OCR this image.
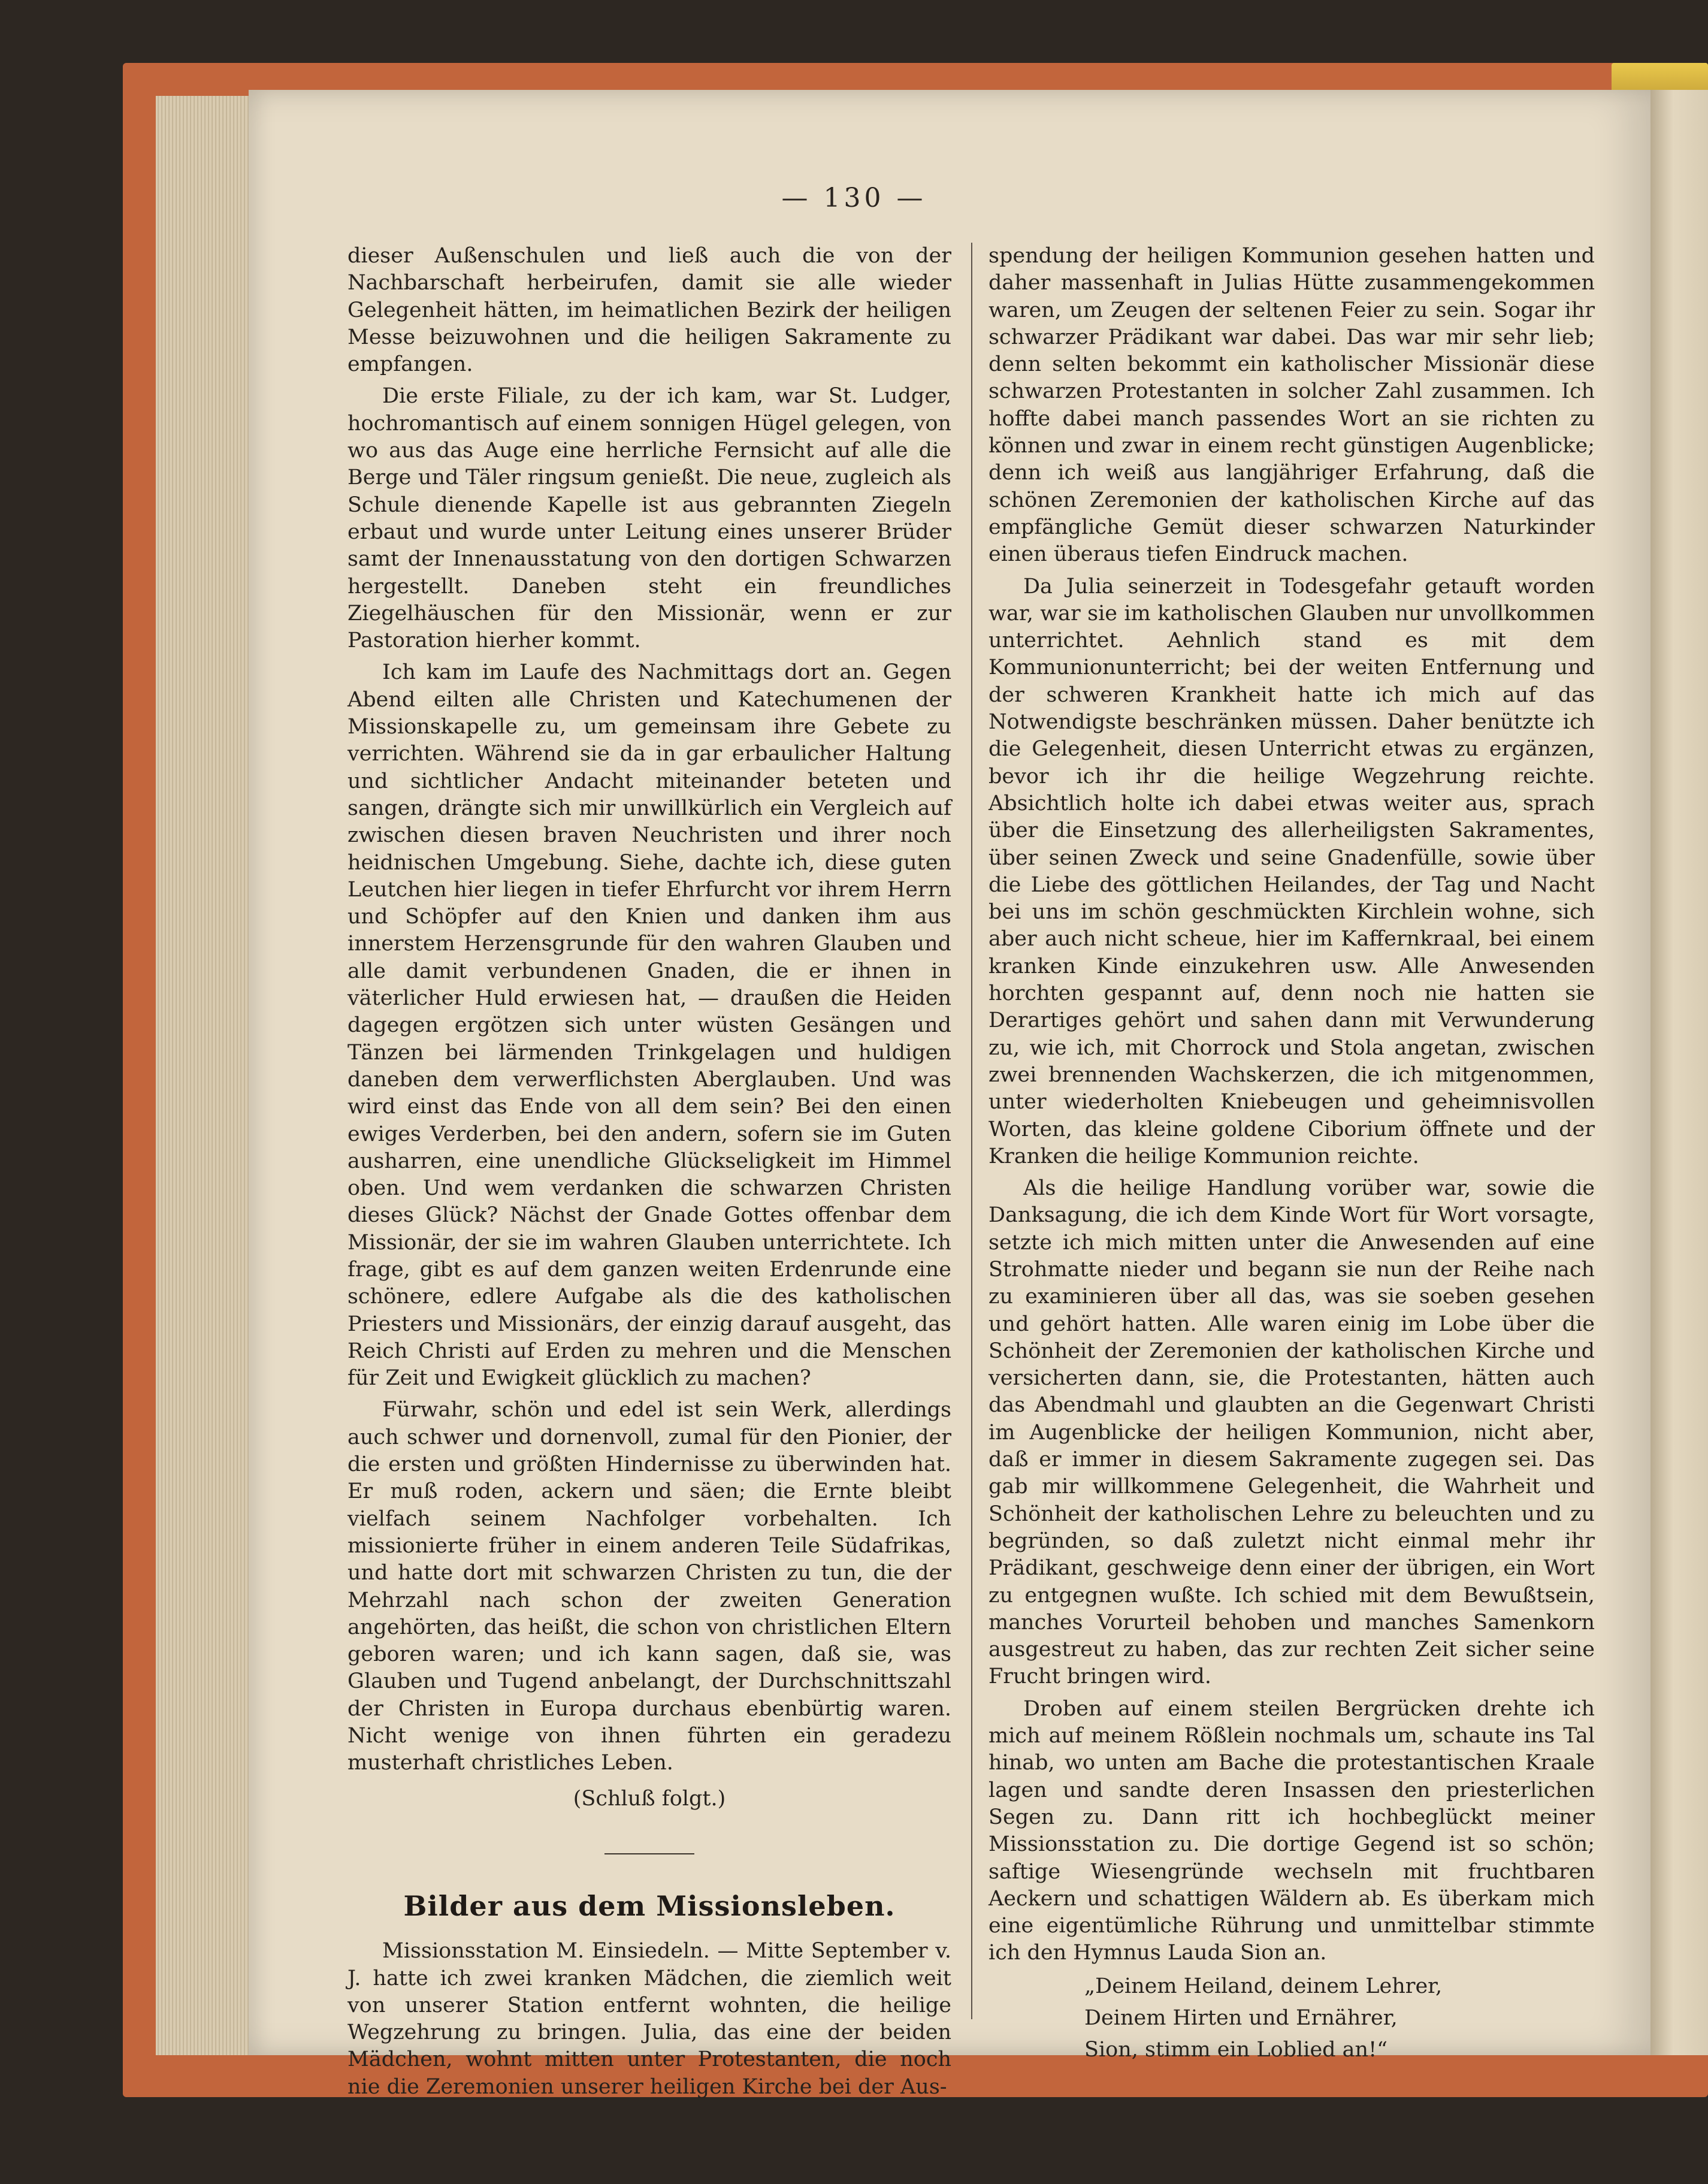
— 130 —

dieser Außenschulen und ließ auch die von der Nachbarschaft herbeirufen, damit sie alle wieder Gelegenheit hätten, im heimatlichen Bezirk der heiligen Messe beizuwohnen und die heiligen Sakramente zu empfangen.

Die erste Filiale, zu der ich kam, war St. Ludger, hochromantisch auf einem sonnigen Hügel gelegen, von wo aus das Auge eine herrliche Fernsicht auf alle die Berge und Täler ringsum genießt. Die neue, zugleich als Schule dienende Kapelle ist aus gebrannten Ziegeln erbaut und wurde unter Leitung eines unserer Brüder samt der Innenausstatung von den dortigen Schwarzen hergestellt. Daneben steht ein freundliches Ziegelhäuschen für den Missionär, wenn er zur Pastoration hierher kommt.

Ich kam im Laufe des Nachmittags dort an. Gegen Abend eilten alle Christen und Katechumenen der Missionskapelle zu, um gemeinsam ihre Gebete zu verrichten. Während sie da in gar erbaulicher Haltung und sichtlicher Andacht miteinander beteten und sangen, drängte sich mir unwillkürlich ein Vergleich auf zwischen diesen braven Neuchristen und ihrer noch heidnischen Umgebung. Siehe, dachte ich, diese guten Leutchen hier liegen in tiefer Ehrfurcht vor ihrem Herrn und Schöpfer auf den Knien und danken ihm aus innerstem Herzensgrunde für den wahren Glauben und alle damit verbundenen Gnaden, die er ihnen in väterlicher Huld erwiesen hat, — draußen die Heiden dagegen ergötzen sich unter wüsten Gesängen und Tänzen bei lärmenden Trinkgelagen und huldigen daneben dem verwerflichsten Aberglauben. Und was wird einst das Ende von all dem sein? Bei den einen ewiges Verderben, bei den andern, sofern sie im Guten ausharren, eine unendliche Glückseligkeit im Himmel oben. Und wem verdanken die schwarzen Christen dieses Glück? Nächst der Gnade Gottes offenbar dem Missionär, der sie im wahren Glauben unterrichtete. Ich frage, gibt es auf dem ganzen weiten Erdenrunde eine schönere, edlere Aufgabe als die des katholischen Priesters und Missionärs, der einzig darauf ausgeht, das Reich Christi auf Erden zu mehren und die Menschen für Zeit und Ewigkeit glücklich zu machen?

Fürwahr, schön und edel ist sein Werk, allerdings auch schwer und dornenvoll, zumal für den Pionier, der die ersten und größten Hindernisse zu überwinden hat. Er muß roden, ackern und säen; die Ernte bleibt vielfach seinem Nachfolger vorbehalten. Ich missionierte früher in einem anderen Teile Südafrikas, und hatte dort mit schwarzen Christen zu tun, die der Mehrzahl nach schon der zweiten Generation angehörten, das heißt, die schon von christlichen Eltern geboren waren; und ich kann sagen, daß sie, was Glauben und Tugend anbelangt, der Durchschnittszahl der Christen in Europa durchaus ebenbürtig waren. Nicht wenige von ihnen führten ein geradezu musterhaft christliches Leben.

(Schluß folgt.)

Bilder aus dem Missionsleben.

Missionsstation M. Einsiedeln. — Mitte September v. J. hatte ich zwei kranken Mädchen, die ziemlich weit von unserer Station entfernt wohnten, die heilige Wegzehrung zu bringen. Julia, das eine der beiden Mädchen, wohnt mitten unter Protestanten, die noch nie die Zeremonien unserer heiligen Kirche bei der Aus-

spendung der heiligen Kommunion gesehen hatten und daher massenhaft in Julias Hütte zusammengekommen waren, um Zeugen der seltenen Feier zu sein. Sogar ihr schwarzer Prädikant war dabei. Das war mir sehr lieb; denn selten bekommt ein katholischer Missionär diese schwarzen Protestanten in solcher Zahl zusammen. Ich hoffte dabei manch passendes Wort an sie richten zu können und zwar in einem recht günstigen Augenblicke; denn ich weiß aus langjähriger Erfahrung, daß die schönen Zeremonien der katholischen Kirche auf das empfängliche Gemüt dieser schwarzen Naturkinder einen überaus tiefen Eindruck machen.

Da Julia seinerzeit in Todesgefahr getauft worden war, war sie im katholischen Glauben nur unvollkommen unterrichtet. Aehnlich stand es mit dem Kommunionunterricht; bei der weiten Entfernung und der schweren Krankheit hatte ich mich auf das Notwendigste beschränken müssen. Daher benützte ich die Gelegenheit, diesen Unterricht etwas zu ergänzen, bevor ich ihr die heilige Wegzehrung reichte. Absichtlich holte ich dabei etwas weiter aus, sprach über die Einsetzung des allerheiligsten Sakramentes, über seinen Zweck und seine Gnadenfülle, sowie über die Liebe des göttlichen Heilandes, der Tag und Nacht bei uns im schön geschmückten Kirchlein wohne, sich aber auch nicht scheue, hier im Kaffernkraal, bei einem kranken Kinde einzukehren usw. Alle Anwesenden horchten gespannt auf, denn noch nie hatten sie Derartiges gehört und sahen dann mit Verwunderung zu, wie ich, mit Chorrock und Stola angetan, zwischen zwei brennenden Wachskerzen, die ich mitgenommen, unter wiederholten Kniebeugen und geheimnisvollen Worten, das kleine goldene Ciborium öffnete und der Kranken die heilige Kommunion reichte.

Als die heilige Handlung vorüber war, sowie die Danksagung, die ich dem Kinde Wort für Wort vorsagte, setzte ich mich mitten unter die Anwesenden auf eine Strohmatte nieder und begann sie nun der Reihe nach zu examinieren über all das, was sie soeben gesehen und gehört hatten. Alle waren einig im Lobe über die Schönheit der Zeremonien der katholischen Kirche und versicherten dann, sie, die Protestanten, hätten auch das Abendmahl und glaubten an die Gegenwart Christi im Augenblicke der heiligen Kommunion, nicht aber, daß er immer in diesem Sakramente zugegen sei. Das gab mir willkommene Gelegenheit, die Wahrheit und Schönheit der katholischen Lehre zu beleuchten und zu begründen, so daß zuletzt nicht einmal mehr ihr Prädikant, geschweige denn einer der übrigen, ein Wort zu entgegnen wußte. Ich schied mit dem Bewußtsein, manches Vorurteil behoben und manches Samenkorn ausgestreut zu haben, das zur rechten Zeit sicher seine Frucht bringen wird.

Droben auf einem steilen Bergrücken drehte ich mich auf meinem Rößlein nochmals um, schaute ins Tal hinab, wo unten am Bache die protestantischen Kraale lagen und sandte deren Insassen den priesterlichen Segen zu. Dann ritt ich hochbeglückt meiner Missionsstation zu. Die dortige Gegend ist so schön; saftige Wiesengründe wechseln mit fruchtbaren Aeckern und schattigen Wäldern ab. Es überkam mich eine eigentümliche Rührung und unmittelbar stimmte ich den Hymnus Lauda Sion an.

„Deinem Heiland, deinem Lehrer,

Deinem Hirten und Ernährer,

Sion, stimm ein Loblied an!“
